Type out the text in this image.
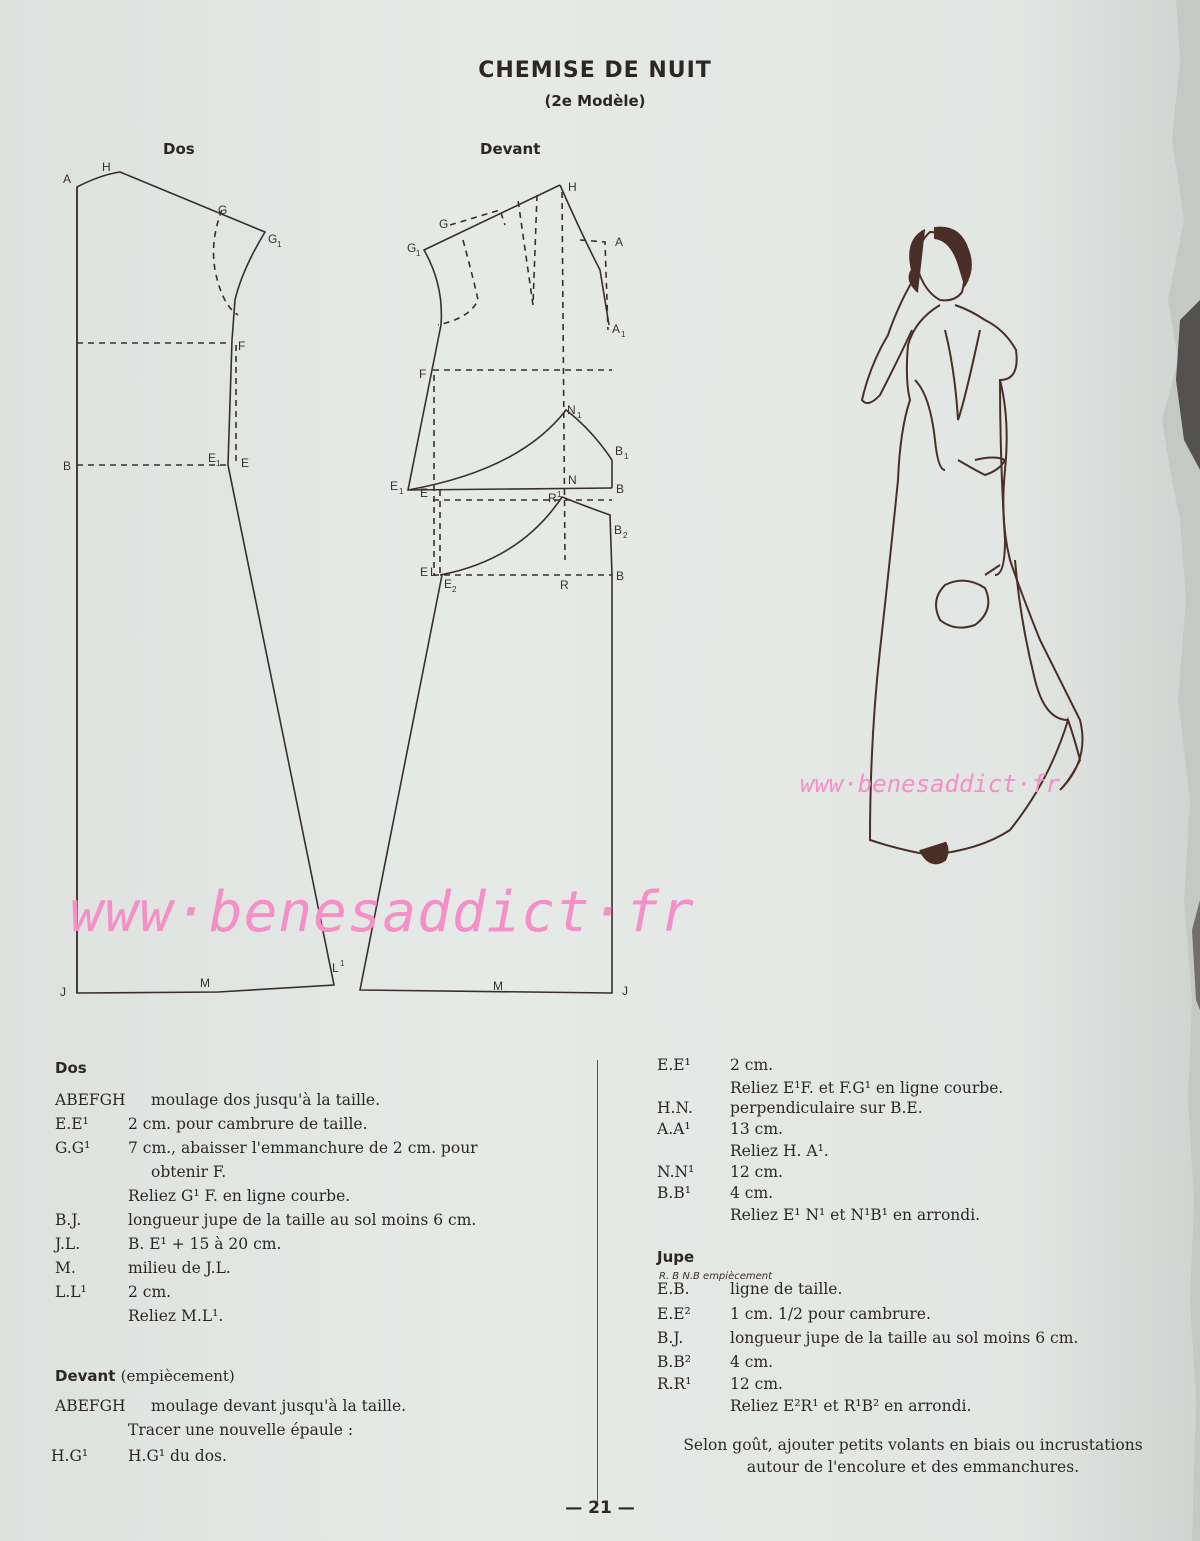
CHEMISE DE NUIT
(2e Modèle)
Dos	Devant
A
H
G
G 1
F
B
E 1 E
J
M
L 1
H
G
G 1
A
A 1
F
N 1
B 1
E 1 E
N
R 1	B
B 2
E L
E 2	R
B
M	J
www·benesaddict·fr
www·benesaddict·fr
Dos
ABEFGH moulage dos jusqu'à la taille.
E.E¹	2 cm. pour cambrure de taille.
G.G¹ 7 cm., abaisser l'emmanchure de 2 cm. pour
obtenir F.
Reliez G¹ F. en ligne courbe.
B.J.	longueur jupe de la taille au sol moins 6 cm.
J.L.	B. E¹ + 15 à 20 cm.
M.	milieu de J.L.
L.L¹	2 cm.
Reliez M.L¹.
Devant (empiècement)
ABEFGH moulage devant jusqu'à la taille.
Tracer une nouvelle épaule :
H.G¹	H.G¹ du dos.
E.E¹	2 cm.
Reliez E¹F. et F.G¹ en ligne courbe.
H.N. perpendiculaire sur B.E.
A.A¹	13 cm.
Reliez H. A¹.
N.N¹ 12 cm.
B.B¹	4 cm.
Reliez E¹ N¹ et N¹B¹ en arrondi.
Jupe
R. B N.B empiècement
E.B.	ligne de taille.
E.E²	1 cm. 1/2 pour cambrure.
B.J.	longueur jupe de la taille au sol moins 6 cm.
B.B²	4 cm.
R.R¹ 12 cm.
Reliez E²R¹ et R¹B² en arrondi.
Selon goût, ajouter petits volants en biais ou incrustations autour de l'encolure et des emmanchures.
— 21 —
